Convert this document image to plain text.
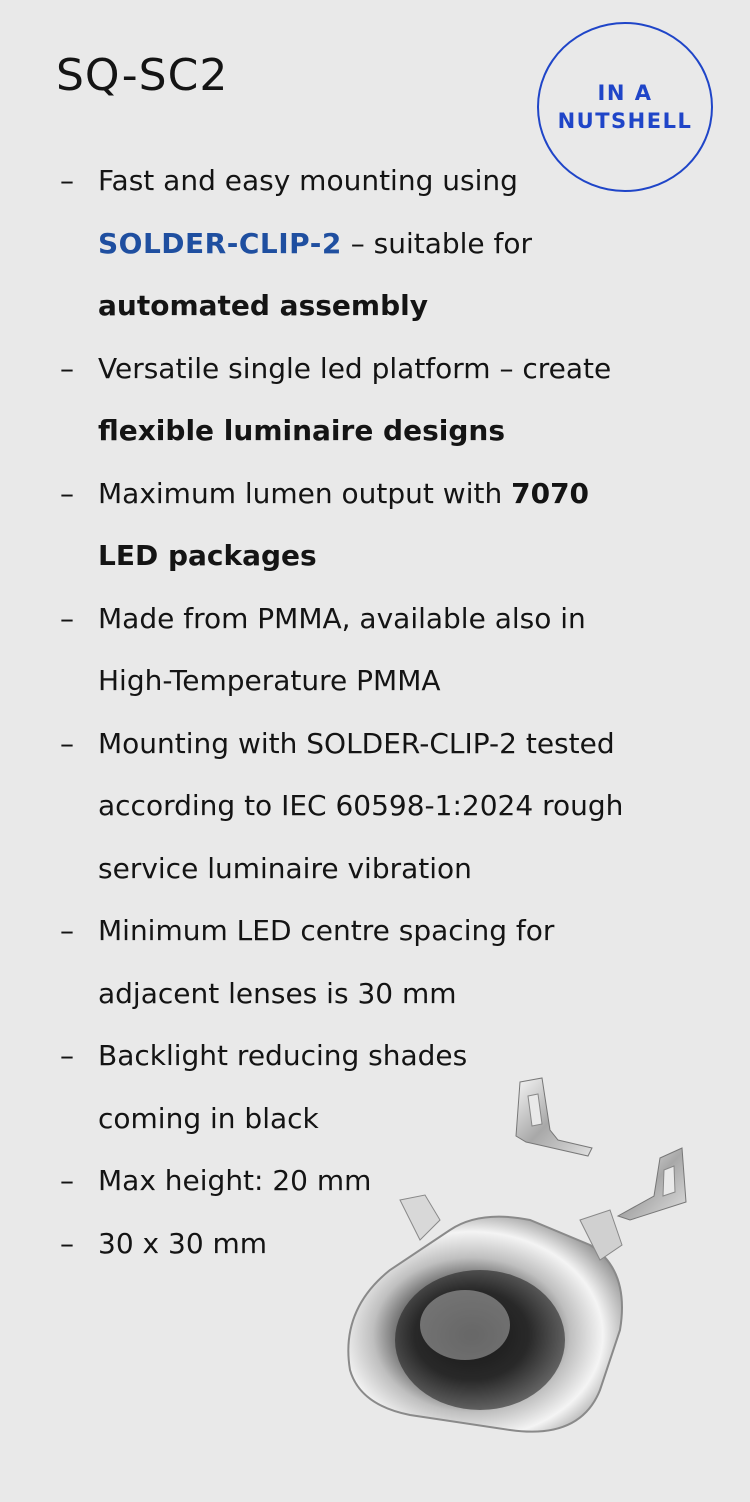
SQ-SC2	IN A
NUTSHELL
– Fast and easy mounting using
SOLDER-CLIP-2 – suitable for
automated assembly
– Versatile single led platform – create
flexible luminaire designs
– Maximum lumen output with 7070
LED packages
– Made from PMMA, available also in
High-Temperature PMMA
– Mounting with SOLDER-CLIP-2 tested
according to IEC 60598-1:2024 rough
service luminaire vibration
– Minimum LED centre spacing for
adjacent lenses is 30 mm
– Backlight reducing shades
coming in black
– Max height: 20 mm
– 30 x 30 mm
